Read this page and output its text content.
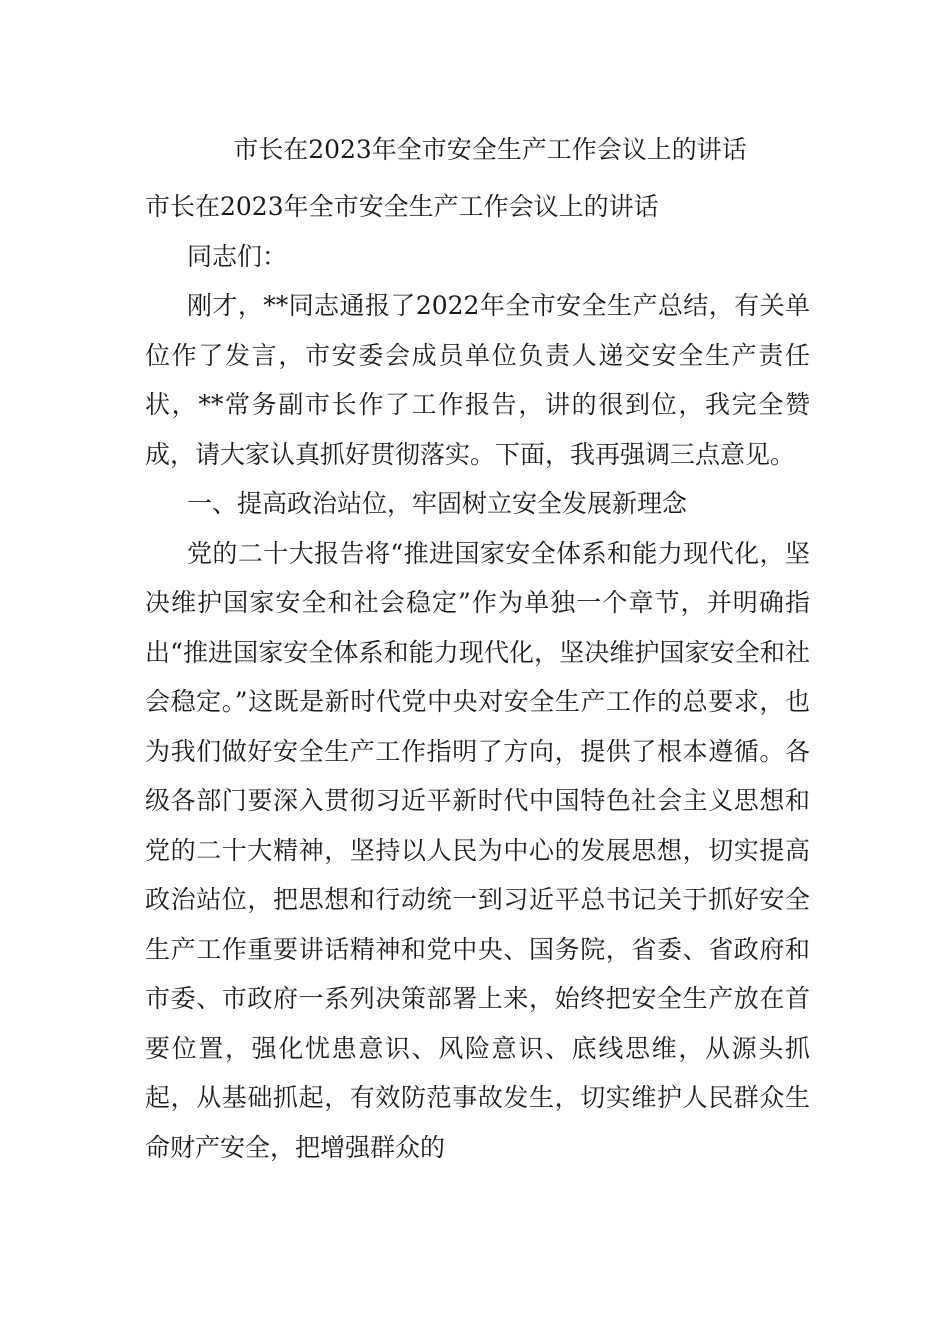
市长在2023年全市安全生产工作会议上的讲话

市长在2023年全市安全生产工作会议上的讲话

同志们：

刚才，**同志通报了2022年全市安全生产总结，有关单位作了发言，市安委会成员单位负责人递交安全生产责任状，**常务副市长作了工作报告，讲的很到位，我完全赞成，请大家认真抓好贯彻落实。下面，我再强调三点意见。

一、提高政治站位，牢固树立安全发展新理念

党的二十大报告将“推进国家安全体系和能力现代化，坚决维护国家安全和社会稳定”作为单独一个章节，并明确指出“推进国家安全体系和能力现代化，坚决维护国家安全和社会稳定。”这既是新时代党中央对安全生产工作的总要求，也为我们做好安全生产工作指明了方向，提供了根本遵循。各级各部门要深入贯彻习近平新时代中国特色社会主义思想和党的二十大精神，坚持以人民为中心的发展思想，切实提高政治站位，把思想和行动统一到习近平总书记关于抓好安全生产工作重要讲话精神和党中央、国务院，省委、省政府和市委、市政府一系列决策部署上来，始终把安全生产放在首要位置，强化忧患意识、风险意识、底线思维，从源头抓起，从基础抓起，有效防范事故发生，切实维护人民群众生命财产安全，把增强群众的
